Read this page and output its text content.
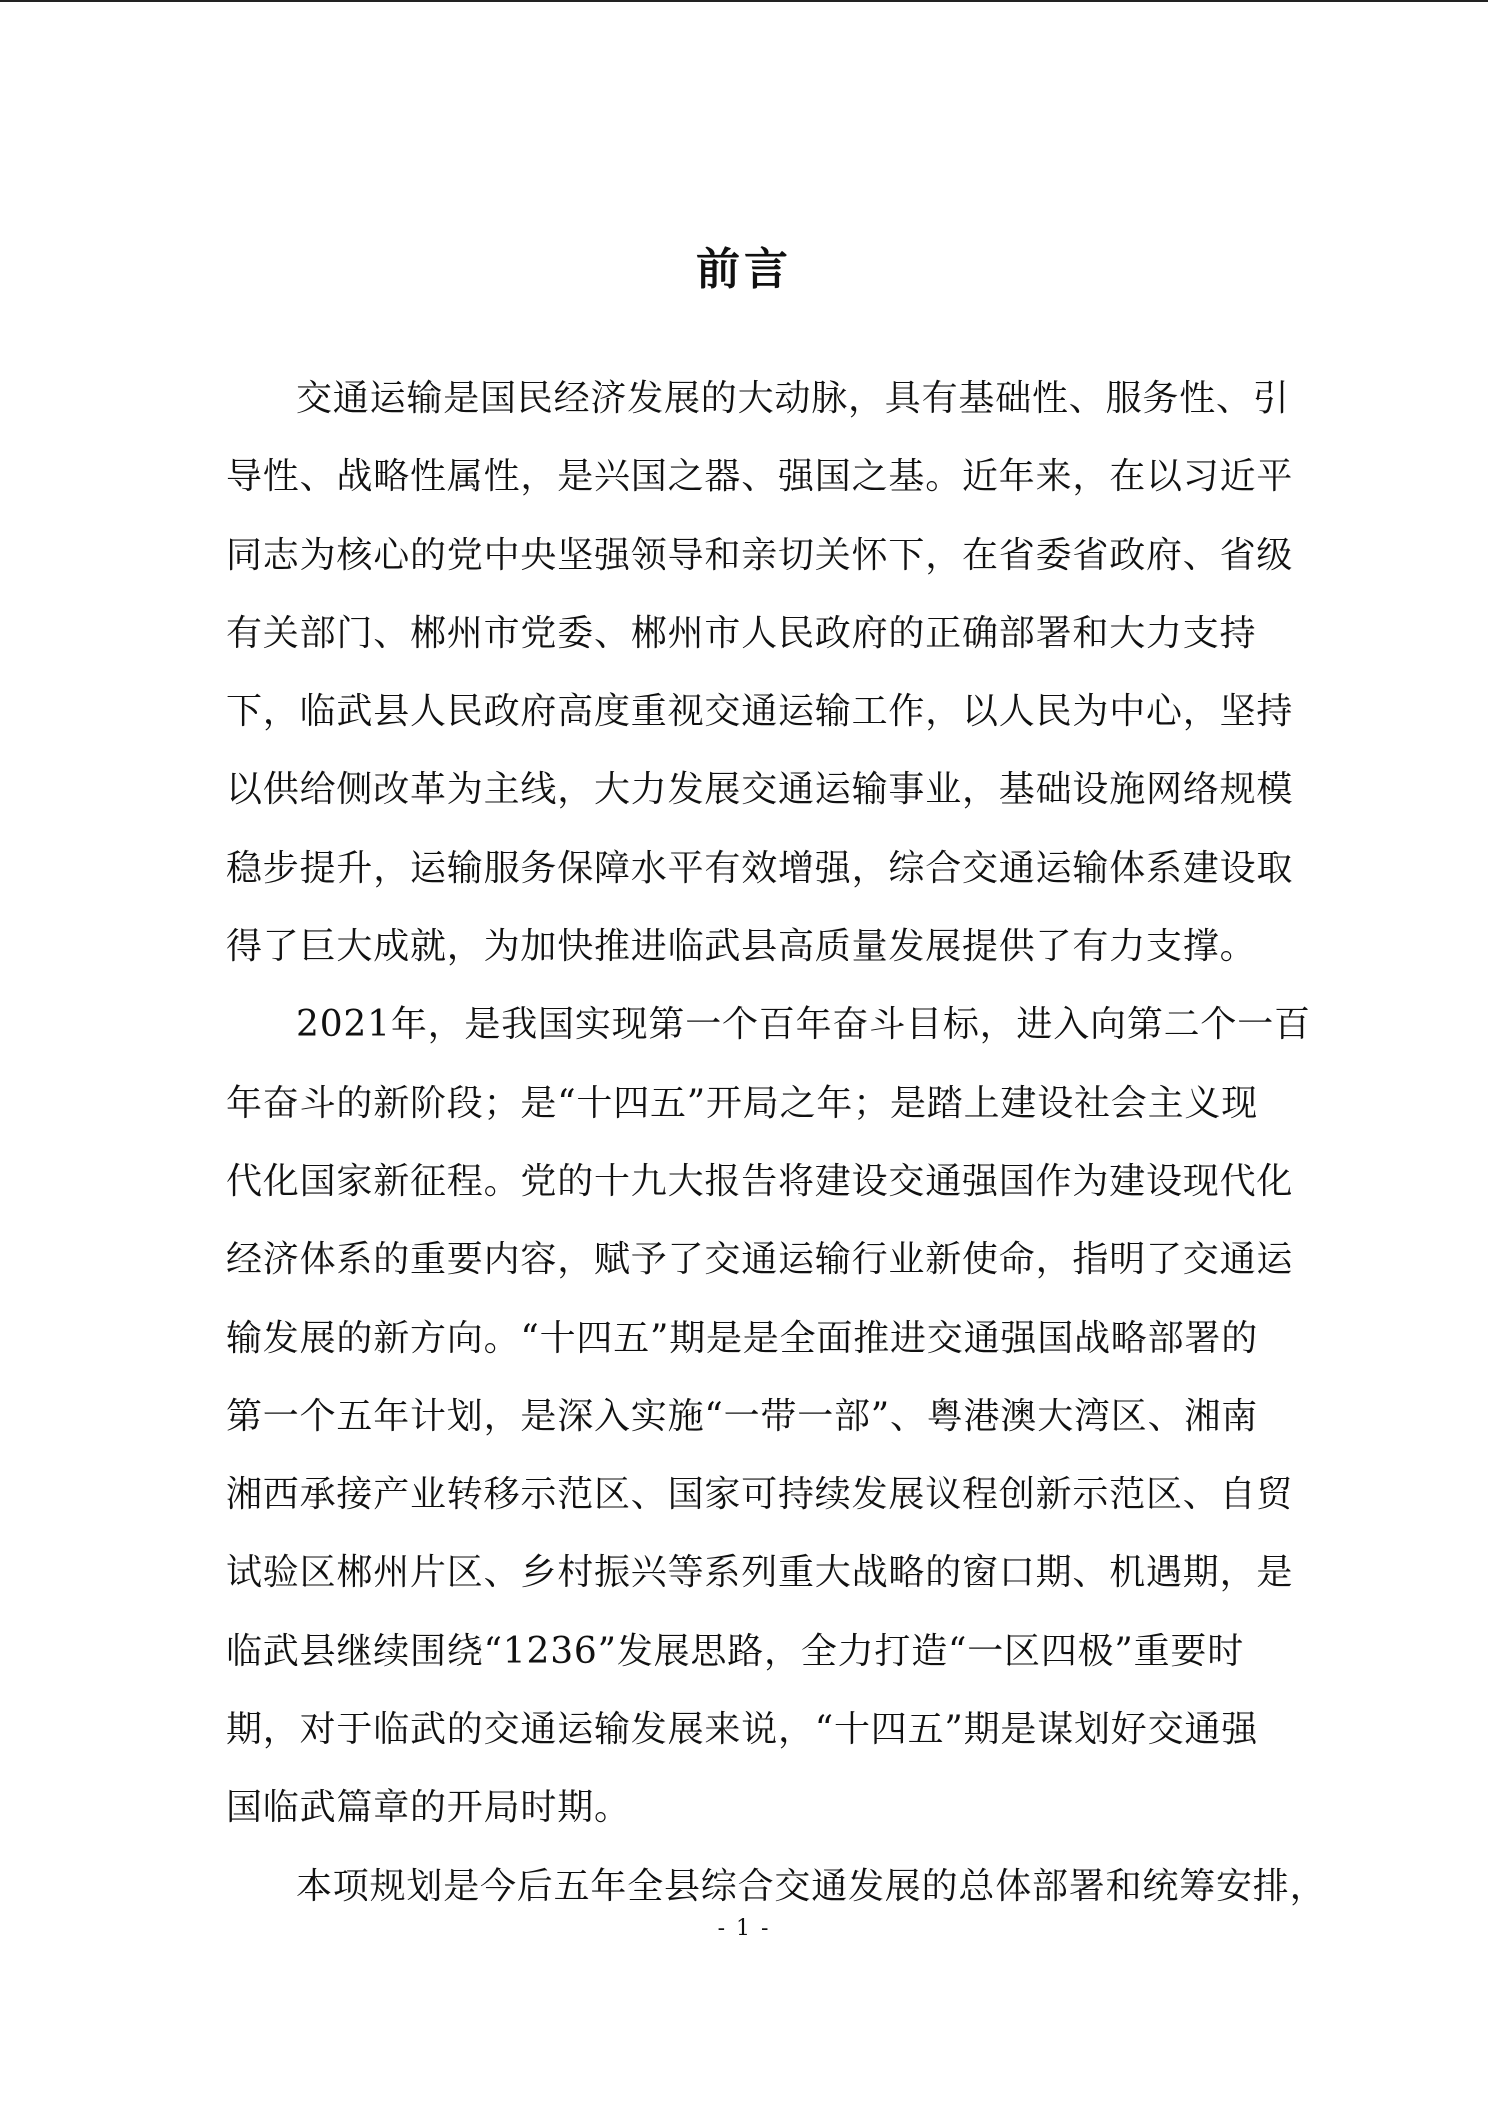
前言
交通运输是国民经济发展的大动脉，具有基础性、服务性、引
导性、战略性属性，是兴国之器、强国之基。近年来，在以习近平
同志为核心的党中央坚强领导和亲切关怀下，在省委省政府、省级
有关部门、郴州市党委、郴州市人民政府的正确部署和大力支持
下，临武县人民政府高度重视交通运输工作，以人民为中心，坚持
以供给侧改革为主线，大力发展交通运输事业，基础设施网络规模
稳步提升，运输服务保障水平有效增强，综合交通运输体系建设取
得了巨大成就，为加快推进临武县高质量发展提供了有力支撑。
2021年，是我国实现第一个百年奋斗目标，进入向第二个一百
年奋斗的新阶段；是“十四五”开局之年；是踏上建设社会主义现
代化国家新征程。党的十九大报告将建设交通强国作为建设现代化
经济体系的重要内容，赋予了交通运输行业新使命，指明了交通运
输发展的新方向。“十四五”期是是全面推进交通强国战略部署的
第一个五年计划，是深入实施“一带一部”、粤港澳大湾区、湘南
湘西承接产业转移示范区、国家可持续发展议程创新示范区、自贸
试验区郴州片区、乡村振兴等系列重大战略的窗口期、机遇期，是
临武县继续围绕“1236”发展思路，全力打造“一区四极”重要时
期，对于临武的交通运输发展来说，“十四五”期是谋划好交通强
国临武篇章的开局时期。
本项规划是今后五年全县综合交通发展的总体部署和统筹安排，
- 1 -
